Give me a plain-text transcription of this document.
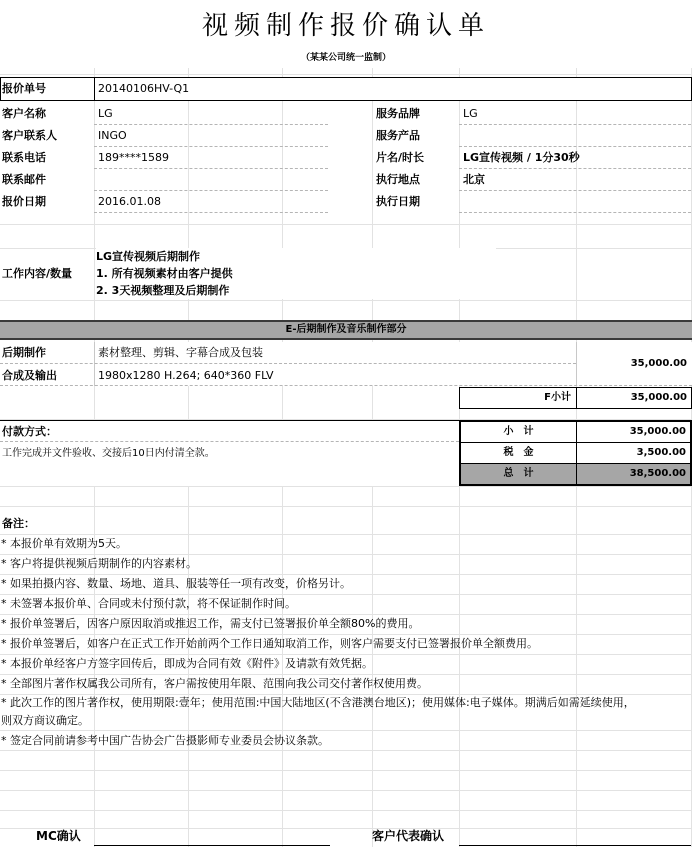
视频制作报价确认单
（某某公司统一监制）
报价单号	20140106HV-Q1
客户名称	LG
客户联系人	INGO
联系电话	189****1589
联系邮件
报价日期	2016.01.08
服务品牌	LG
服务产品
片名/时长	LG宣传视频 / 1分30秒
执行地点	北京
执行日期
工作内容/数量
LG宣传视频后期制作
1. 所有视频素材由客户提供
2. 3天视频整理及后期制作
E-后期制作及音乐制作部分
后期制作	素材整理、剪辑、字幕合成及包装
合成及输出	1980x1280 H.264; 640*360 FLV
35,000.00
F小计	35,000.00
付款方式：
工作完成并文件验收、交接后10日内付清全款。
小　计	35,000.00
税　金	3,500.00
总　计	38,500.00
备注：
* 本报价单有效期为5天。
* 客户将提供视频后期制作的内容素材。
* 如果拍摄内容、数量、场地、道具、服装等任一项有改变，价格另计。
* 未签署本报价单、合同或未付预付款，将不保证制作时间。
* 报价单签署后，因客户原因取消或推迟工作，需支付已签署报价单全额80%的费用。
* 报价单签署后，如客户在正式工作开始前两个工作日通知取消工作，则客户需要支付已签署报价单全额费用。
* 本报价单经客户方签字回传后，即成为合同有效《附件》及请款有效凭据。
* 全部图片著作权属我公司所有，客户需按使用年限、范围向我公司交付著作权使用费。
* 此次工作的图片著作权，使用期限:壹年；使用范围:中国大陆地区(不含港澳台地区)；使用媒体:电子媒体。期满后如需延续使用，
则双方商议确定。
* 签定合同前请参考中国广告协会广告摄影师专业委员会协议条款。
MC确认	客户代表确认
